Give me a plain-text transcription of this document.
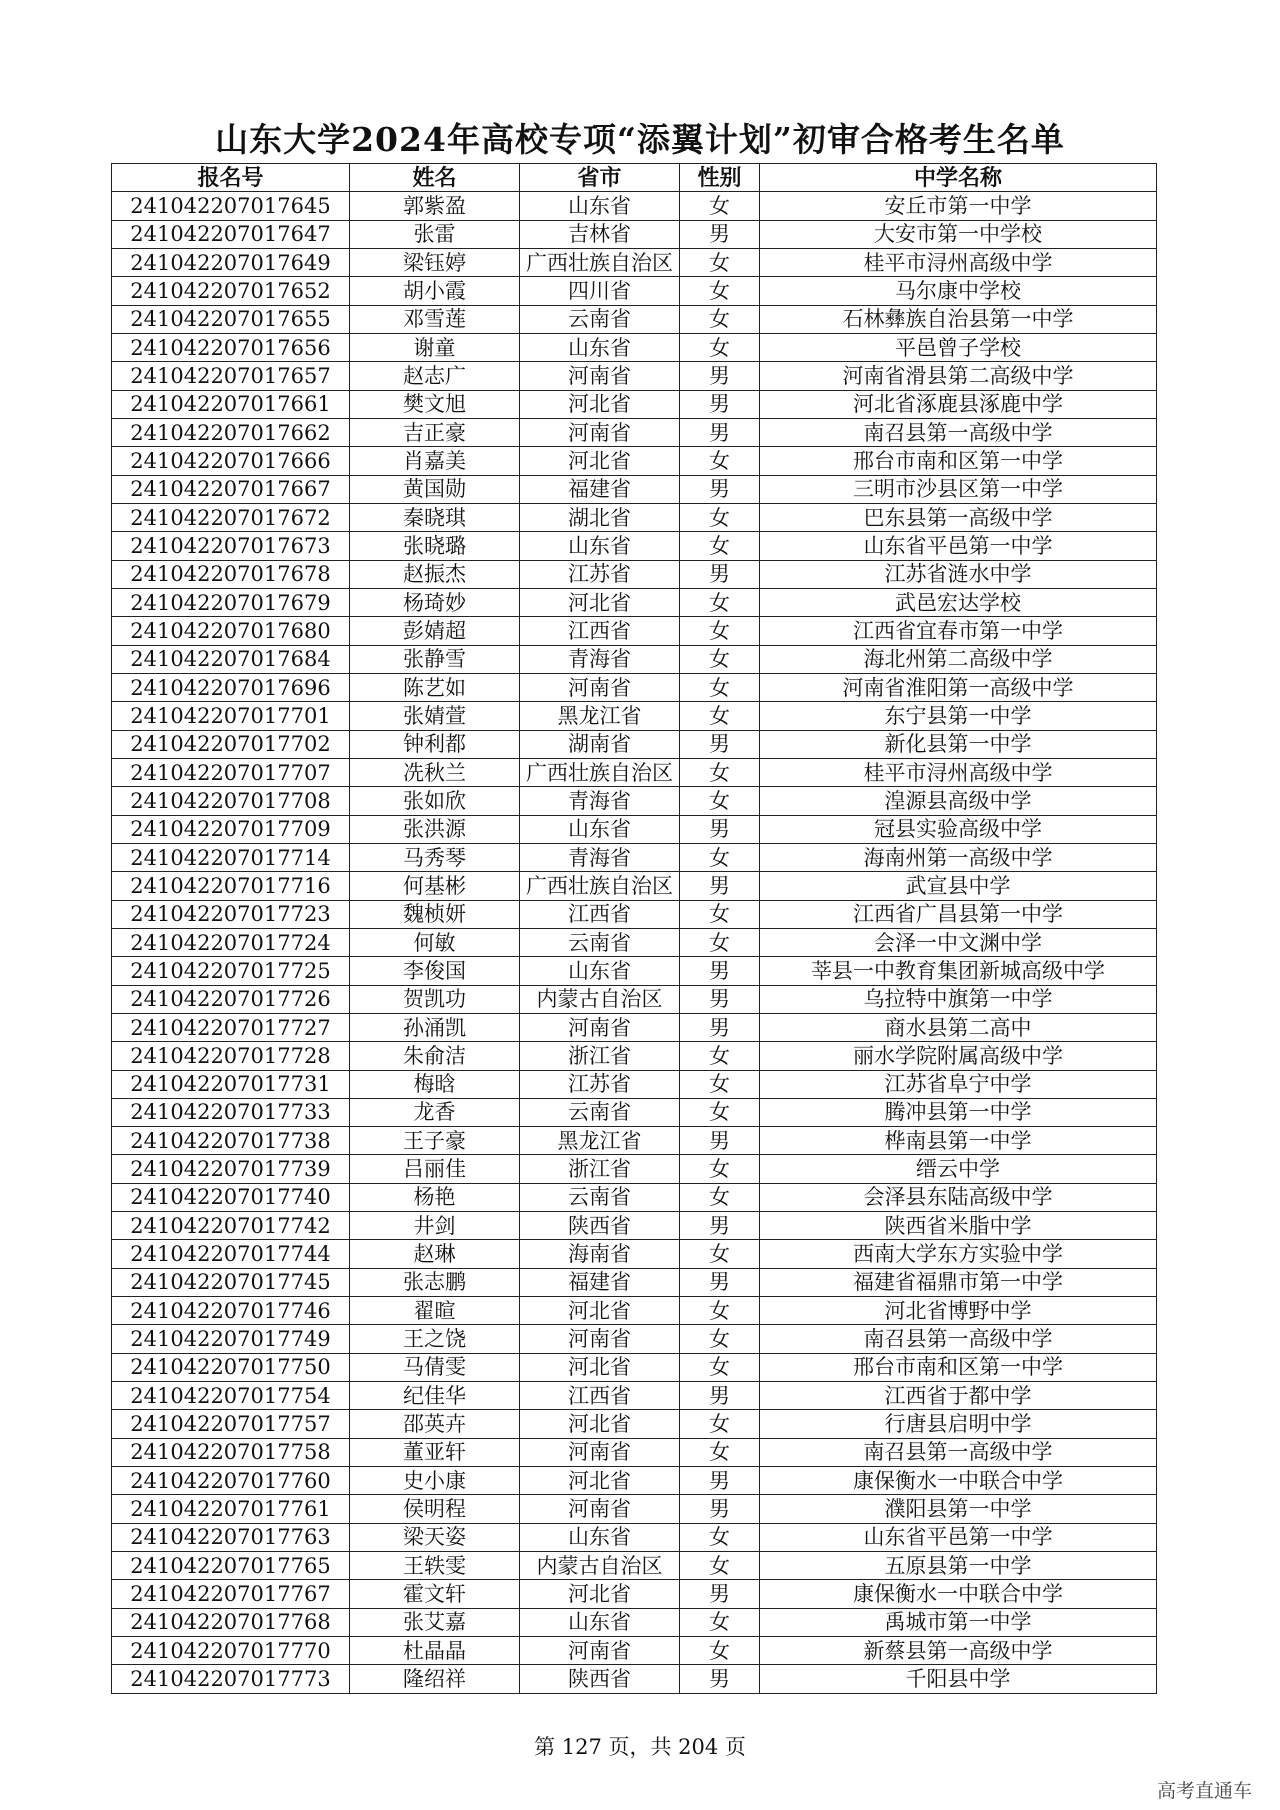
山东大学2024年高校专项“添翼计划”初审合格考生名单
报名号	姓名	省市	性别	中学名称
241042207017645	郭紫盈	山东省	女	安丘市第一中学
241042207017647	张雷	吉林省	男	大安市第一中学校
241042207017649	梁钰婷	广西壮族自治区	女	桂平市浔州高级中学
241042207017652	胡小霞	四川省	女	马尔康中学校
241042207017655	邓雪莲	云南省	女	石林彝族自治县第一中学
241042207017656	谢童	山东省	女	平邑曾子学校
241042207017657	赵志广	河南省	男	河南省滑县第二高级中学
241042207017661	樊文旭	河北省	男	河北省涿鹿县涿鹿中学
241042207017662	吉正豪	河南省	男	南召县第一高级中学
241042207017666	肖嘉美	河北省	女	邢台市南和区第一中学
241042207017667	黄国勋	福建省	男	三明市沙县区第一中学
241042207017672	秦晓琪	湖北省	女	巴东县第一高级中学
241042207017673	张晓璐	山东省	女	山东省平邑第一中学
241042207017678	赵振杰	江苏省	男	江苏省涟水中学
241042207017679	杨琦妙	河北省	女	武邑宏达学校
241042207017680	彭婧超	江西省	女	江西省宜春市第一中学
241042207017684	张静雪	青海省	女	海北州第二高级中学
241042207017696	陈艺如	河南省	女	河南省淮阳第一高级中学
241042207017701	张婧萱	黑龙江省	女	东宁县第一中学
241042207017702	钟利都	湖南省	男	新化县第一中学
241042207017707	冼秋兰	广西壮族自治区	女	桂平市浔州高级中学
241042207017708	张如欣	青海省	女	湟源县高级中学
241042207017709	张洪源	山东省	男	冠县实验高级中学
241042207017714	马秀琴	青海省	女	海南州第一高级中学
241042207017716	何基彬	广西壮族自治区	男	武宣县中学
241042207017723	魏桢妍	江西省	女	江西省广昌县第一中学
241042207017724	何敏	云南省	女	会泽一中文渊中学
241042207017725	李俊国	山东省	男	莘县一中教育集团新城高级中学
241042207017726	贺凯功	内蒙古自治区	男	乌拉特中旗第一中学
241042207017727	孙涌凯	河南省	男	商水县第二高中
241042207017728	朱俞洁	浙江省	女	丽水学院附属高级中学
241042207017731	梅晗	江苏省	女	江苏省阜宁中学
241042207017733	龙香	云南省	女	腾冲县第一中学
241042207017738	王子豪	黑龙江省	男	桦南县第一中学
241042207017739	吕丽佳	浙江省	女	缙云中学
241042207017740	杨艳	云南省	女	会泽县东陆高级中学
241042207017742	井剑	陕西省	男	陕西省米脂中学
241042207017744	赵琳	海南省	女	西南大学东方实验中学
241042207017745	张志鹏	福建省	男	福建省福鼎市第一中学
241042207017746	翟暄	河北省	女	河北省博野中学
241042207017749	王之饶	河南省	女	南召县第一高级中学
241042207017750	马倩雯	河北省	女	邢台市南和区第一中学
241042207017754	纪佳华	江西省	男	江西省于都中学
241042207017757	邵英卉	河北省	女	行唐县启明中学
241042207017758	董亚轩	河南省	女	南召县第一高级中学
241042207017760	史小康	河北省	男	康保衡水一中联合中学
241042207017761	侯明程	河南省	男	濮阳县第一中学
241042207017763	梁天姿	山东省	女	山东省平邑第一中学
241042207017765	王轶雯	内蒙古自治区	女	五原县第一中学
241042207017767	霍文轩	河北省	男	康保衡水一中联合中学
241042207017768	张艾嘉	山东省	女	禹城市第一中学
241042207017770	杜晶晶	河南省	女	新蔡县第一高级中学
241042207017773	隆绍祥	陕西省	男	千阳县中学
第 127 页，共 204 页
高考直通车
